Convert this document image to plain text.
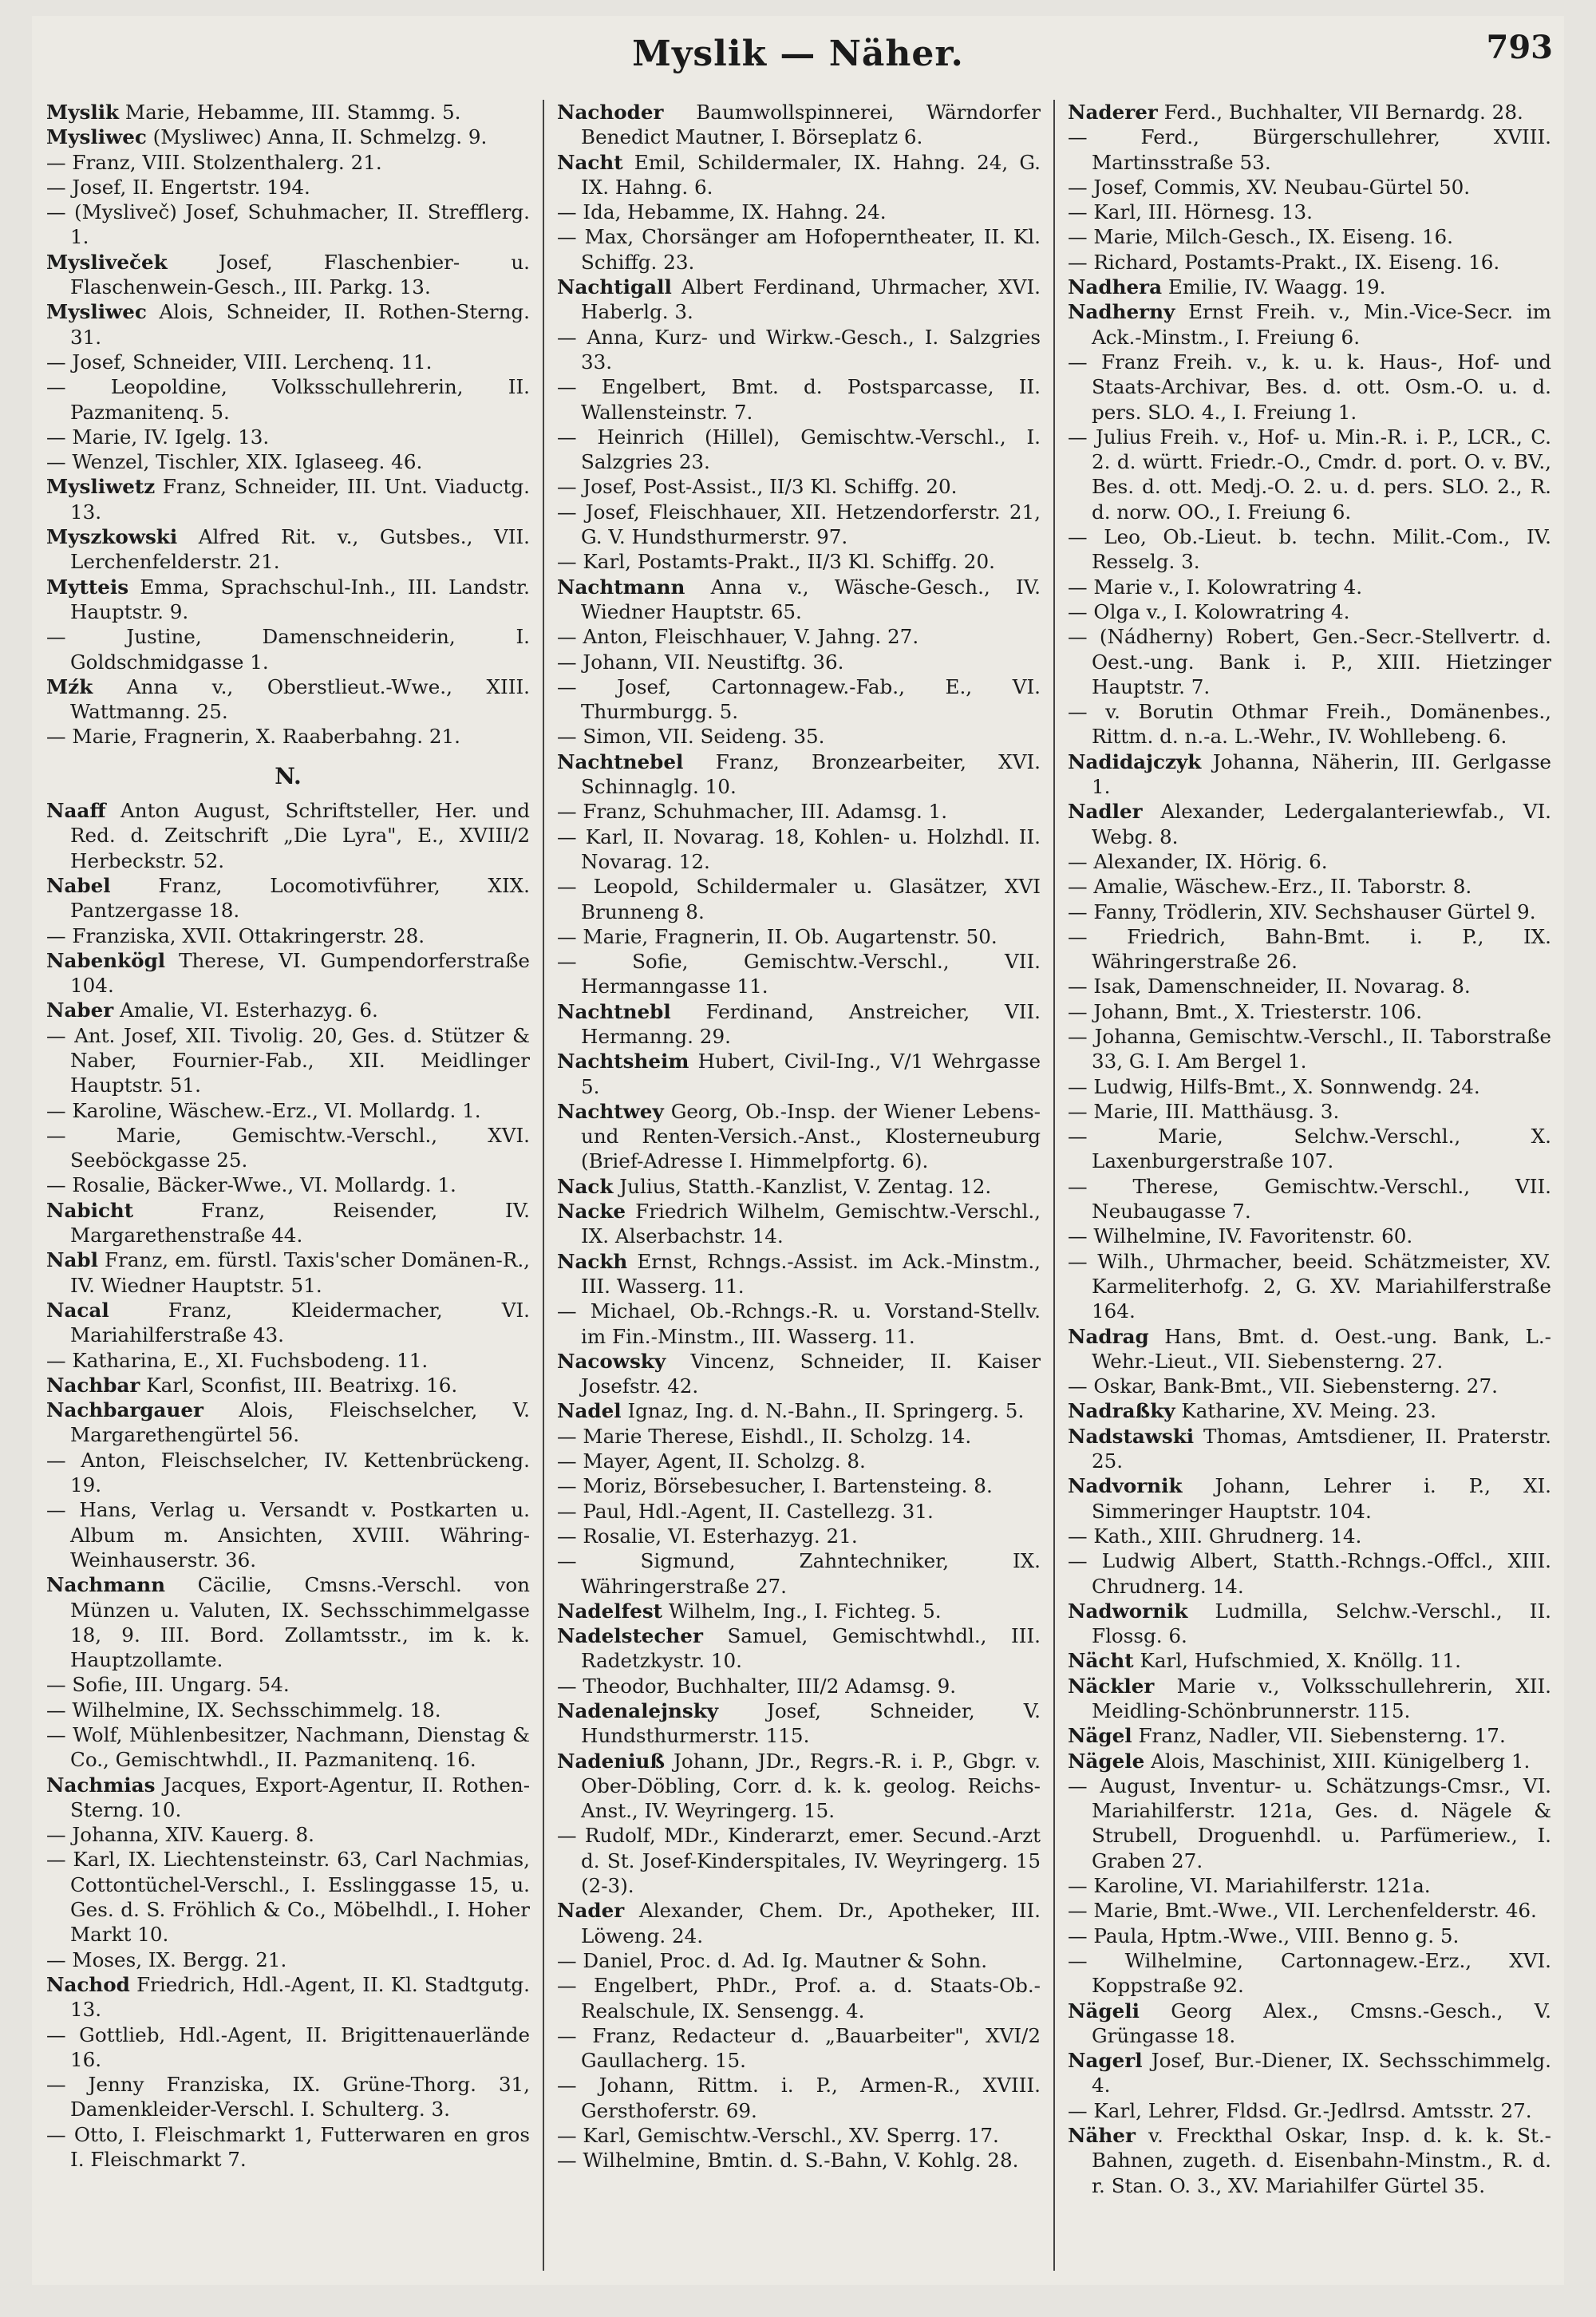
Myslik — Näher.	793

Myslik Marie, Hebamme, III. Stammg. 5.

Mysliwec (Mysliwec) Anna, II. Schmelzg. 9.

— Franz, VIII. Stolzenthalerg. 21.

— Josef, II. Engertstr. 194.

— (Mysliveč) Josef, Schuhmacher, II. Strefflerg. 1.

Mysliveček	Josef, Flaschenbier- u. Flaschenwein-Gesch., III. Parkg. 13.

Mysliwec Alois, Schneider, II. Rothen-Sterng. 31.

— Josef, Schneider, VIII. Lerchenq. 11.

— Leopoldine, Volksschullehrerin, II. Pazmanitenq. 5.

— Marie, IV. Igelg. 13.

— Wenzel, Tischler, XIX. Iglaseeg. 46.

Mysliwetz Franz, Schneider, III. Unt. Viaductg. 13.

Myszkowski Alfred Rit. v., Gutsbes., VII. Lerchenfelderstr. 21.

Mytteis Emma, Sprachschul-Inh., III. Landstr. Hauptstr. 9.

— Justine, Damenschneiderin, I. Goldschmidgasse 1.

Mźk Anna v., Oberstlieut.-Wwe., XIII. Wattmanng. 25.

— Marie, Fragnerin, X. Raaberbahng. 21.

N.

Naaff Anton August, Schriftsteller, Her. und Red. d. Zeitschrift „Die Lyra", E., XVIII/2 Herbeckstr. 52.

Nabel Franz, Locomotivführer, XIX. Pantzergasse 18.

— Franziska, XVII. Ottakringerstr. 28.

Nabenkögl Therese, VI. Gumpendorferstraße 104.

Naber Amalie, VI. Esterhazyg. 6.

— Ant. Josef, XII. Tivolig. 20, Ges. d. Stützer & Naber, Fournier-Fab., XII. Meidlinger Hauptstr. 51.

— Karoline, Wäschew.-Erz., VI. Mollardg. 1.

— Marie, Gemischtw.-Verschl., XVI. Seeböckgasse 25.

— Rosalie, Bäcker-Wwe., VI. Mollardg. 1.

Nabicht	Franz, Reisender, IV. Margarethenstraße 44.

Nabl Franz, em. fürstl. Taxis'scher Domänen-R., IV. Wiedner Hauptstr. 51.

Nacal	Franz, Kleidermacher, VI. Mariahilferstraße 43.

— Katharina, E., XI. Fuchsbodeng. 11.

Nachbar Karl, Sconfist, III. Beatrixg. 16.

Nachbargauer Alois, Fleischselcher, V. Margarethengürtel 56.

— Anton, Fleischselcher, IV. Kettenbrückeng. 19.

— Hans, Verlag u. Versandt v. Postkarten u. Album m. Ansichten, XVIII. Währing-Weinhauserstr. 36.

Nachmann Cäcilie, Cmsns.-Verschl. von Münzen u. Valuten, IX. Sechsschimmelgasse 18, 9. III. Bord. Zollamtsstr., im k. k. Hauptzollamte.

— Sofie, III. Ungarg. 54.

— Wilhelmine, IX. Sechsschimmelg. 18.

— Wolf, Mühlenbesitzer, Nachmann, Dienstag & Co., Gemischtwhdl., II. Pazmanitenq. 16.

Nachmias Jacques, Export-Agentur, II. Rothen-Sterng. 10.

— Johanna, XIV. Kauerg. 8.

— Karl, IX. Liechtensteinstr. 63, Carl Nachmias, Cottontüchel-Verschl., I. Esslinggasse 15, u. Ges. d. S. Fröhlich & Co., Möbelhdl., I. Hoher Markt 10.

— Moses, IX. Bergg. 21.

Nachod Friedrich, Hdl.-Agent, II. Kl. Stadtgutg. 13.

— Gottlieb, Hdl.-Agent, II. Brigittenauerlände 16.

— Jenny Franziska, IX. Grüne-Thorg. 31, Damenkleider-Verschl. I. Schulterg. 3.

— Otto, I. Fleischmarkt 1, Futterwaren en gros I. Fleischmarkt 7.

Nachoder Baumwollspinnerei, Wärndorfer Benedict Mautner, I. Börseplatz 6.

Nacht Emil, Schildermaler, IX. Hahng. 24, G. IX. Hahng. 6.

— Ida, Hebamme, IX. Hahng. 24.

— Max, Chorsänger am Hofoperntheater, II. Kl. Schiffg. 23.

Nachtigall Albert Ferdinand, Uhrmacher, XVI. Haberlg. 3.

— Anna, Kurz- und Wirkw.-Gesch., I. Salzgries 33.

— Engelbert, Bmt. d. Postsparcasse, II. Wallensteinstr. 7.

— Heinrich (Hillel), Gemischtw.-Verschl., I. Salzgries 23.

— Josef, Post-Assist., II/3 Kl. Schiffg. 20.

— Josef, Fleischhauer, XII. Hetzendorferstr. 21, G. V. Hundsthurmerstr. 97.

— Karl, Postamts-Prakt., II/3 Kl. Schiffg. 20.

Nachtmann Anna v., Wäsche-Gesch., IV. Wiedner Hauptstr. 65.

— Anton, Fleischhauer, V. Jahng. 27.

— Johann, VII. Neustiftg. 36.

— Josef, Cartonnagew.-Fab., E., VI. Thurmburgg. 5.

— Simon, VII. Seideng. 35.

Nachtnebel Franz, Bronzearbeiter, XVI. Schinnaglg. 10.

— Franz, Schuhmacher, III. Adamsg. 1.

— Karl, II. Novarag. 18, Kohlen- u. Holzhdl. II. Novarag. 12.

— Leopold, Schildermaler u. Glasätzer, XVI Brunneng 8.

— Marie, Fragnerin, II. Ob. Augartenstr. 50.

— Sofie, Gemischtw.-Verschl., VII. Hermanngasse 11.

Nachtnebl Ferdinand, Anstreicher, VII. Hermanng. 29.

Nachtsheim Hubert, Civil-Ing., V/1 Wehrgasse 5.

Nachtwey Georg, Ob.-Insp. der Wiener Lebens- und Renten-Versich.-Anst., Klosterneuburg (Brief-Adresse I. Himmelpfortg. 6).

Nack Julius, Statth.-Kanzlist, V. Zentag. 12.

Nacke Friedrich Wilhelm, Gemischtw.-Verschl., IX. Alserbachstr. 14.

Nackh Ernst, Rchngs.-Assist. im Ack.-Minstm., III. Wasserg. 11.

— Michael, Ob.-Rchngs.-R. u. Vorstand-Stellv. im Fin.-Minstm., III. Wasserg. 11.

Nacowsky Vincenz, Schneider, II. Kaiser Josefstr. 42.

Nadel Ignaz, Ing. d. N.-Bahn., II. Springerg. 5.

— Marie Therese, Eishdl., II. Scholzg. 14.

— Mayer, Agent, II. Scholzg. 8.

— Moriz, Börsebesucher, I. Bartensteing. 8.

— Paul, Hdl.-Agent, II. Castellezg. 31.

— Rosalie, VI. Esterhazyg. 21.

— Sigmund, Zahntechniker, IX. Währingerstraße 27.

Nadelfest Wilhelm, Ing., I. Fichteg. 5.

Nadelstecher Samuel, Gemischtwhdl., III. Radetzkystr. 10.

— Theodor, Buchhalter, III/2 Adamsg. 9.

Nadenalejnsky Josef, Schneider, V. Hundsthurmerstr. 115.

Nadeniuß Johann, JDr., Regrs.-R. i. P., Gbgr. v. Ober-Döbling, Corr. d. k. k. geolog. Reichs-Anst., IV. Weyringerg. 15.

— Rudolf, MDr., Kinderarzt, emer. Secund.-Arzt d. St. Josef-Kinderspitales, IV. Weyringerg. 15 (2-3).

Nader Alexander, Chem. Dr., Apotheker, III. Löweng. 24.

— Daniel, Proc. d. Ad. Ig. Mautner & Sohn.

— Engelbert, PhDr., Prof. a. d. Staats-Ob.-Realschule, IX. Sensengg. 4.

— Franz, Redacteur d. „Bauarbeiter", XVI/2 Gaullacherg. 15.

— Johann, Rittm. i. P., Armen-R., XVIII. Gersthoferstr. 69.

— Karl, Gemischtw.-Verschl., XV. Sperrg. 17.

— Wilhelmine, Bmtin. d. S.-Bahn, V. Kohlg. 28.

Naderer Ferd., Buchhalter, VII Bernardg. 28.

— Ferd., Bürgerschullehrer, XVIII. Martinsstraße 53.

— Josef, Commis, XV. Neubau-Gürtel 50.

— Karl, III. Hörnesg. 13.

— Marie, Milch-Gesch., IX. Eiseng. 16.

— Richard, Postamts-Prakt., IX. Eiseng. 16.

Nadhera Emilie, IV. Waagg. 19.

Nadherny Ernst Freih. v., Min.-Vice-Secr. im Ack.-Minstm., I. Freiung 6.

— Franz Freih. v., k. u. k. Haus-, Hof- und Staats-Archivar, Bes. d. ott. Osm.-O. u. d. pers. SLO. 4., I. Freiung 1.

— Julius Freih. v., Hof- u. Min.-R. i. P., LCR., C. 2. d. württ. Friedr.-O., Cmdr. d. port. O. v. BV., Bes. d. ott. Medj.-O. 2. u. d. pers. SLO. 2., R. d. norw. OO., I. Freiung 6.

— Leo, Ob.-Lieut. b. techn. Milit.-Com., IV. Resselg. 3.

— Marie v., I. Kolowratring 4.

— Olga v., I. Kolowratring 4.

— (Nádherny) Robert, Gen.-Secr.-Stellvertr. d. Oest.-ung. Bank i. P., XIII. Hietzinger Hauptstr. 7.

— v. Borutin Othmar Freih., Domänenbes., Rittm. d. n.-a. L.-Wehr., IV. Wohllebeng. 6.

Nadidajczyk Johanna, Näherin, III. Gerlgasse 1.

Nadler Alexander, Ledergalanteriewfab., VI. Webg. 8.

— Alexander, IX. Hörig. 6.

— Amalie, Wäschew.-Erz., II. Taborstr. 8.

— Fanny, Trödlerin, XIV. Sechshauser Gürtel 9.

— Friedrich, Bahn-Bmt. i. P., IX. Währingerstraße 26.

— Isak, Damenschneider, II. Novarag. 8.

— Johann, Bmt., X. Triesterstr. 106.

— Johanna, Gemischtw.-Verschl., II. Taborstraße 33, G. I. Am Bergel 1.

— Ludwig, Hilfs-Bmt., X. Sonnwendg. 24.

— Marie, III. Matthäusg. 3.

— Marie, Selchw.-Verschl., X. Laxenburgerstraße 107.

— Therese, Gemischtw.-Verschl., VII. Neubaugasse 7.

— Wilhelmine, IV. Favoritenstr. 60.

— Wilh., Uhrmacher, beeid. Schätzmeister, XV. Karmeliterhofg. 2, G. XV. Mariahilferstraße 164.

Nadrag Hans, Bmt. d. Oest.-ung. Bank, L.-Wehr.-Lieut., VII. Siebensterng. 27.

— Oskar, Bank-Bmt., VII. Siebensterng. 27.

Nadraßky Katharine, XV. Meing. 23.

Nadstawski Thomas, Amtsdiener, II. Praterstr. 25.

Nadvornik Johann, Lehrer i. P., XI. Simmeringer Hauptstr. 104.

— Kath., XIII. Ghrudnerg. 14.

— Ludwig Albert, Statth.-Rchngs.-Offcl., XIII. Chrudnerg. 14.

Nadwornik Ludmilla, Selchw.-Verschl., II. Flossg. 6.

Nächt Karl, Hufschmied, X. Knöllg. 11.

Näckler Marie v., Volksschullehrerin, XII. Meidling-Schönbrunnerstr. 115.

Nägel Franz, Nadler, VII. Siebensterng. 17.

Nägele Alois, Maschinist, XIII. Künigelberg 1.

— August, Inventur- u. Schätzungs-Cmsr., VI. Mariahilferstr. 121a, Ges. d. Nägele & Strubell, Droguenhdl. u. Parfümeriew., I. Graben 27.

— Karoline, VI. Mariahilferstr. 121a.

— Marie, Bmt.-Wwe., VII. Lerchenfelderstr. 46.

— Paula, Hptm.-Wwe., VIII. Benno g. 5.

— Wilhelmine, Cartonnagew.-Erz., XVI. Koppstraße 92.

Nägeli Georg Alex., Cmsns.-Gesch., V. Grüngasse 18.

Nagerl Josef, Bur.-Diener, IX. Sechsschimmelg. 4.

— Karl, Lehrer, Fldsd. Gr.-Jedlrsd. Amtsstr. 27.

Näher v. Freckthal Oskar, Insp. d. k. k. St.-Bahnen, zugeth. d. Eisenbahn-Minstm., R. d. r. Stan. O. 3., XV. Mariahilfer Gürtel 35.
